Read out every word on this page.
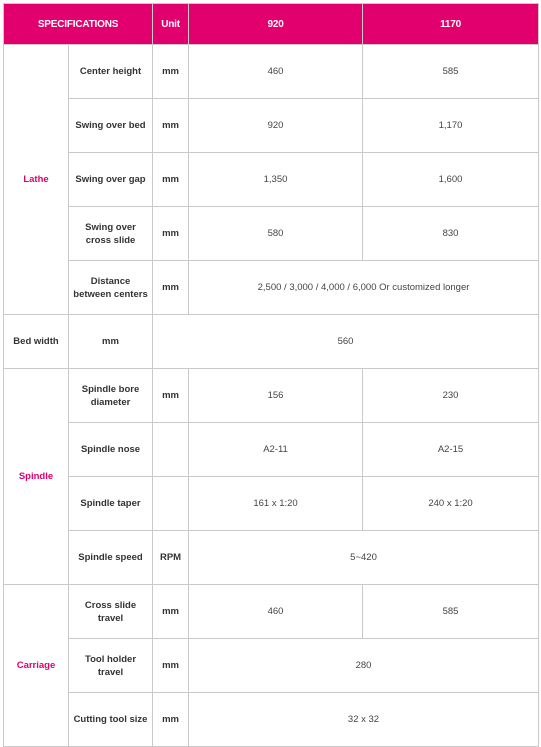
SPECIFICATIONS		Unit	920	1170
Lathe	Center height	mm	460	585
	Swing over bed	mm	920	1,170
	Swing over gap	mm	1,350	1,600
	Swing over cross slide	mm	580	830
	Distance between centers	mm	2,500 / 3,000 / 4,000 / 6,000 Or customized longer	
Bed width	mm	560		
Spindle	Spindle bore diameter	mm	156	230
	Spindle nose		A2-11	A2-15
	Spindle taper		161 x 1:20	240 x 1:20
	Spindle speed	RPM	5~420	
Carriage	Cross slide travel	mm	460	585
	Tool holder travel	mm	280	
	Cutting tool size	mm	32 x 32	
